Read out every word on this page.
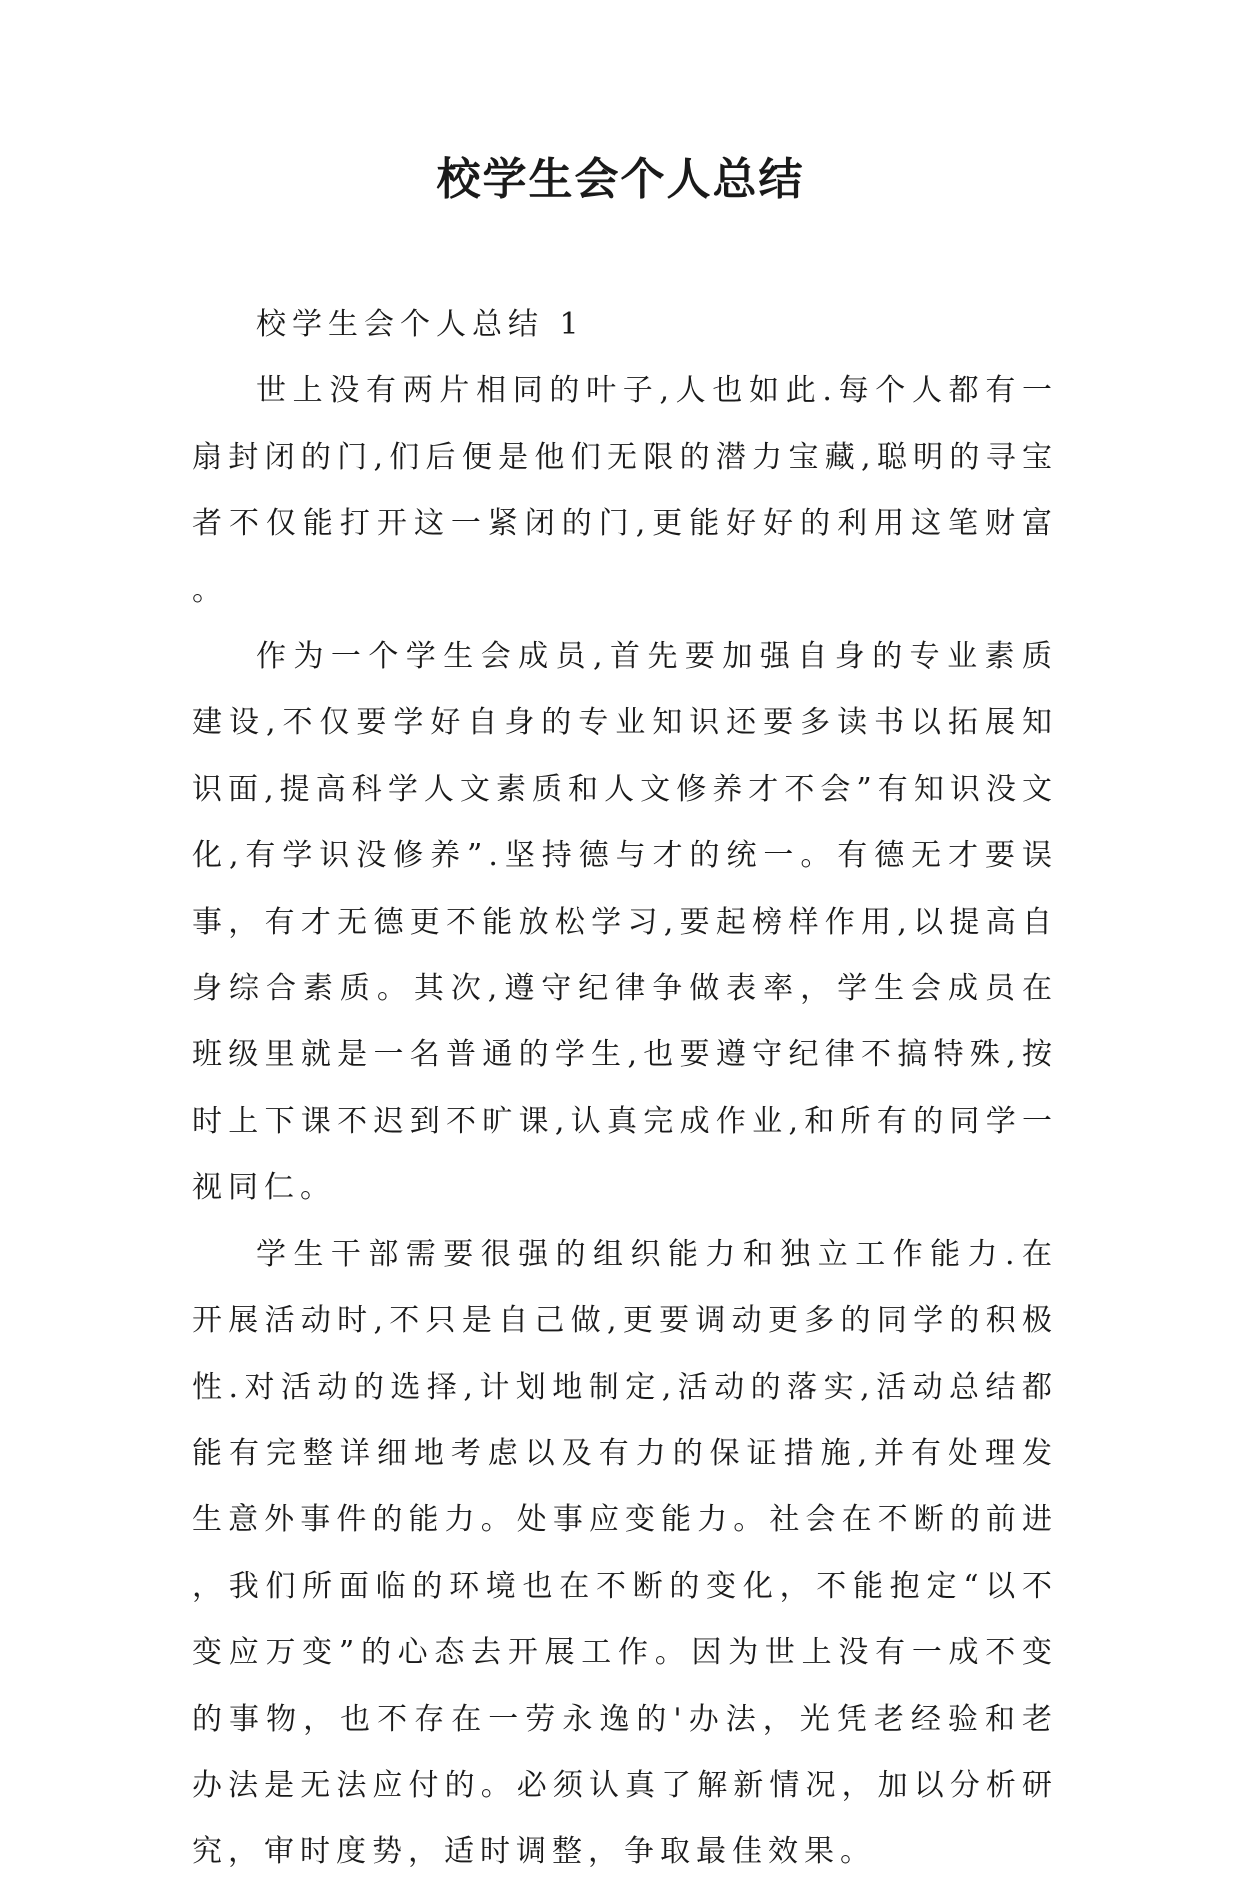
校学生会个人总结

校学生会个人总结 1

世上没有两片相同的叶子,人也如此.每个人都有一扇封闭的门,们后便是他们无限的潜力宝藏,聪明的寻宝者不仅能打开这一紧闭的门,更能好好的利用这笔财富。

作为一个学生会成员,首先要加强自身的专业素质建设,不仅要学好自身的专业知识还要多读书以拓展知识面,提高科学人文素质和人文修养才不会”有知识没文化,有学识没修养”.坚持德与才的统一。有德无才要误事，有才无德更不能放松学习,要起榜样作用,以提高自身综合素质。其次,遵守纪律争做表率，学生会成员在班级里就是一名普通的学生,也要遵守纪律不搞特殊,按时上下课不迟到不旷课,认真完成作业,和所有的同学一视同仁。

学生干部需要很强的组织能力和独立工作能力.在开展活动时,不只是自己做,更要调动更多的同学的积极性.对活动的选择,计划地制定,活动的落实,活动总结都能有完整详细地考虑以及有力的保证措施,并有处理发生意外事件的能力。处事应变能力。社会在不断的前进，我们所面临的环境也在不断的变化，不能抱定“以不变应万变”的心态去开展工作。因为世上没有一成不变的事物，也不存在一劳永逸的'办法，光凭老经验和老办法是无法应付的。必须认真了解新情况，加以分析研究，审时度势，适时调整，争取最佳效果。
